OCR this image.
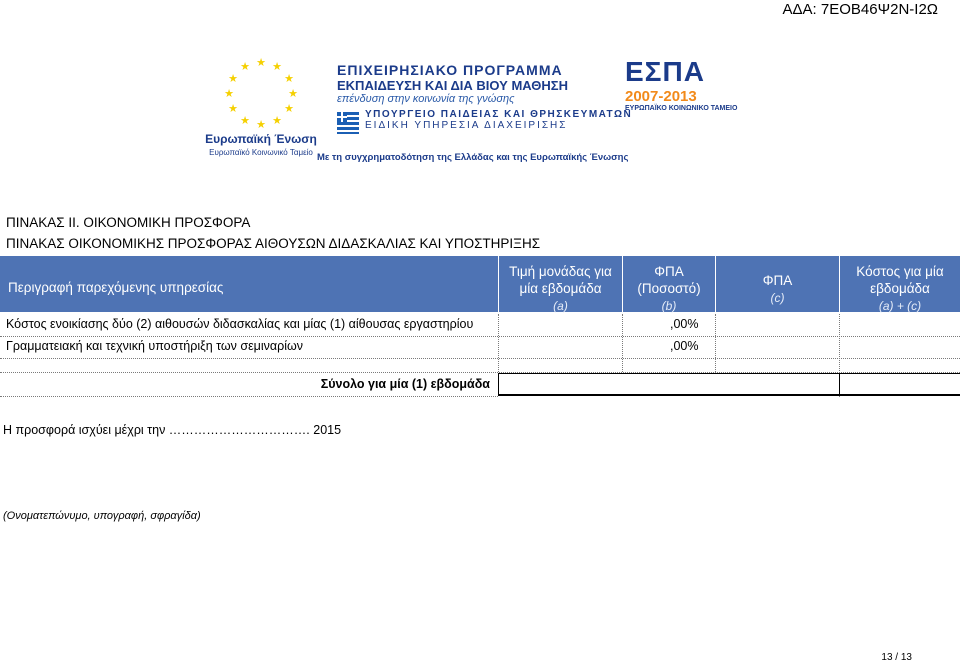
ΑΔΑ: 7ΕΟΒ46Ψ2Ν-Ι2Ω
★ ★
★
★
★
★
★
★
★
★
★
★
Ευρωπαϊκή Ένωση
Ευρωπαϊκό Κοινωνικό Ταμείο
ΕΠΙΧΕΙΡΗΣΙΑΚΟ ΠΡΟΓΡΑΜΜΑ
ΕΚΠΑΙΔΕΥΣΗ ΚΑΙ ΔΙΑ ΒΙΟΥ ΜΑΘΗΣΗ
επένδυση στην κοινωνία της γνώσης
ΥΠΟΥΡΓΕΙΟ ΠΑΙΔΕΙΑΣ ΚΑΙ ΘΡΗΣΚΕΥΜΑΤΩΝ
ΕΙΔΙΚΗ ΥΠΗΡΕΣΙΑ ΔΙΑΧΕΙΡΙΣΗΣ
Με τη συγχρηματοδότηση της Ελλάδας και της Ευρωπαϊκής Ένωσης
ΕΣΠΑ
2007-2013
ΕΥΡΩΠΑΪΚΟ ΚΟΙΝΩΝΙΚΟ ΤΑΜΕΙΟ
ΠΙΝΑΚΑΣ ΙΙ. ΟΙΚΟΝΟΜΙΚΗ ΠΡΟΣΦΟΡΑ
ΠΙΝΑΚΑΣ ΟΙΚΟΝΟΜΙΚΗΣ ΠΡΟΣΦΟΡΑΣ ΑΙΘΟΥΣΩΝ ΔΙΔΑΣΚΑΛΙΑΣ ΚΑΙ ΥΠΟΣΤΗΡΙΞΗΣ
Περιγραφή παρεχόμενης υπηρεσίας
Τιμή μονάδας για
μία εβδομάδα
(a)
ΦΠΑ
(Ποσοστό)
(b)
ΦΠΑ
(c)
Κόστος για μία
εβδομάδα
(a) + (c)
Κόστος ενοικίασης δύο (2) αιθουσών διδασκαλίας και μίας (1) αίθουσας εργαστηρίου	,00%
Γραμματειακή και τεχνική υποστήριξη των σεμιναρίων	,00%
Σύνολο για μία (1) εβδομάδα
Η προσφορά ισχύει μέχρι την ……………………………. 2015
(Ονοματεπώνυμο, υπογραφή, σφραγίδα)
13 / 13
